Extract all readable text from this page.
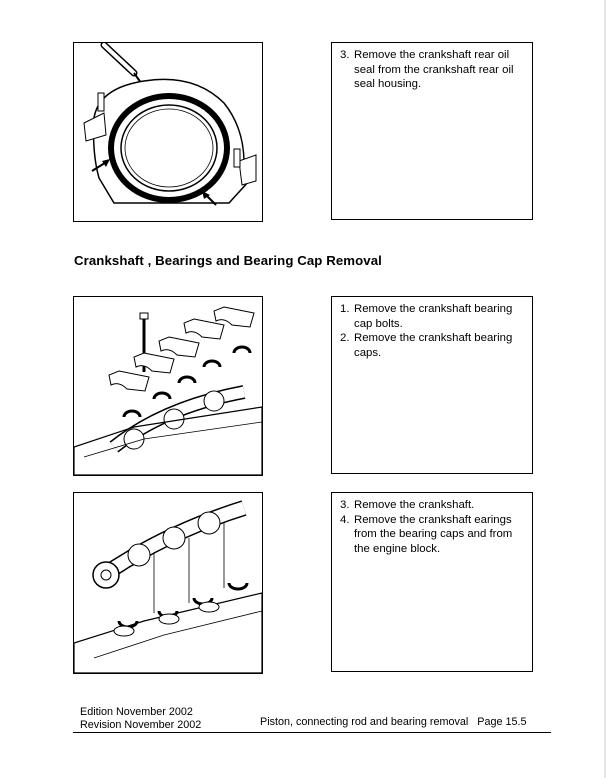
3. Remove the crankshaft rear oil seal from the crankshaft rear oil seal housing.
Crankshaft , Bearings and Bearing Cap Removal
1. Remove the crankshaft bearing cap bolts.
2. Remove the crankshaft bearing caps.
3. Remove the crankshaft.
4. Remove the crankshaft earings from the bearing caps and from the engine block.
Edition November 2002
Revision November 2002	Piston, connecting rod and bearing removal Page 15.5
